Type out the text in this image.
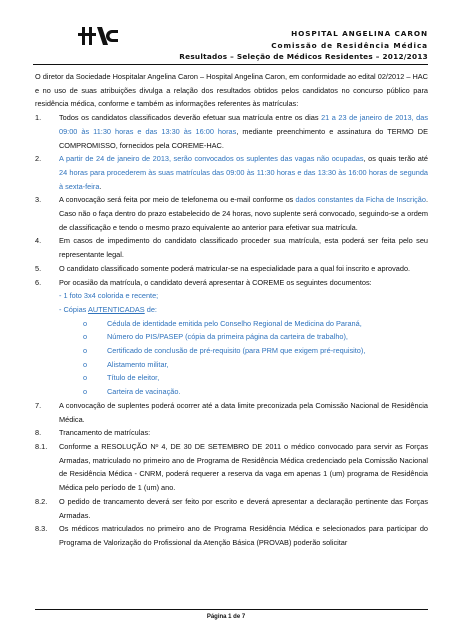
HOSPITAL ANGELINA CARON
Comissão de Residência Médica
Resultados – Seleção de Médicos Residentes – 2012/2013
O diretor da Sociedade Hospitalar Angelina Caron – Hospital Angelina Caron, em conformidade ao edital 02/2012 – HAC e no uso de suas atribuições divulga a relação dos resultados obtidos pelos candidatos no concurso público para residência médica, conforme e também as informações referentes às matrículas:
1.	Todos os candidatos classificados deverão efetuar sua matrícula entre os dias 21 a 23 de janeiro de 2013, das 09:00 às 11:30 horas e das 13:30 às 16:00 horas, mediante preenchimento e assinatura do TERMO DE COMPROMISSO, fornecidos pela COREME-HAC.
2.	A partir de 24 de janeiro de 2013, serão convocados os suplentes das vagas não ocupadas, os quais terão até 24 horas para procederem às suas matrículas das 09:00 às 11:30 horas e das 13:30 às 16:00 horas de segunda à sexta-feira.
3.	A convocação será feita por meio de telefonema ou e-mail conforme os dados constantes da Ficha de Inscrição. Caso não o faça dentro do prazo estabelecido de 24 horas, novo suplente será convocado, seguindo-se a ordem de classificação e tendo o mesmo prazo equivalente ao anterior para efetivar sua matrícula.
4.	Em casos de impedimento do candidato classificado proceder sua matrícula, esta poderá ser feita pelo seu representante legal.
5.	O candidato classificado somente poderá matricular-se na especialidade para a qual foi inscrito e aprovado.
6.	Por ocasião da matrícula, o candidato deverá apresentar à COREME os seguintes documentos:
- 1 foto 3x4 colorida e recente;
- Cópias AUTENTICADAS de:
o	Cédula de identidade emitida pelo Conselho Regional de Medicina do Paraná,
o	Número do PIS/PASEP (cópia da primeira página da carteira de trabalho),
o	Certificado de conclusão de pré-requisito (para PRM que exigem pré-requisito),
o	Alistamento militar,
o	Título de eleitor,
o	Carteira de vacinação.
7.	A convocação de suplentes poderá ocorrer até a data limite preconizada pela Comissão Nacional de Residência Médica.
8.	Trancamento de matrículas:
8.1.	Conforme a RESOLUÇÃO Nº 4, DE 30 DE SETEMBRO DE 2011 o médico convocado para servir as Forças Armadas, matriculado no primeiro ano de Programa de Residência Médica credenciado pela Comissão Nacional de Residência Médica - CNRM, poderá requerer a reserva da vaga em apenas 1 (um) programa de Residência Médica pelo período de 1 (um) ano.
8.2.	O pedido de trancamento deverá ser feito por escrito e deverá apresentar a declaração pertinente das Forças Armadas.
8.3.	Os médicos matriculados no primeiro ano de Programa Residência Médica e selecionados para participar do Programa de Valorização do Profissional da Atenção Básica (PROVAB) poderão solicitar
Página 1 de 7
